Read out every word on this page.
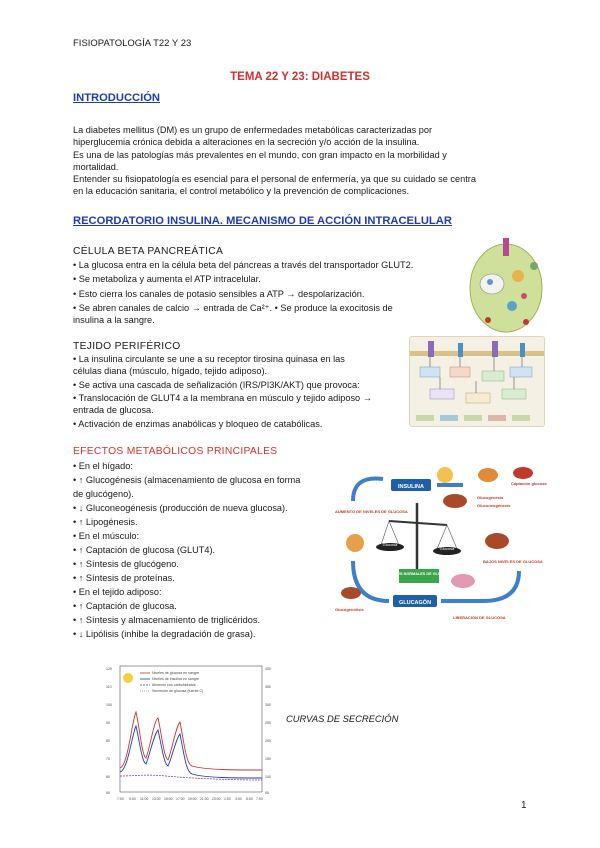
FISIOPATOLOGÍA T22 Y 23
TEMA 22 Y 23: DIABETES
INTRODUCCIÓN

La diabetes mellitus (DM) es un grupo de enfermedades metabólicas caracterizadas por

hiperglucemia crónica debida a alteraciones en la secreción y/o acción de la insulina.

Es una de las patologías más prevalentes en el mundo, con gran impacto en la morbilidad y

mortalidad.

Entender su fisiopatología es esencial para el personal de enfermería, ya que su cuidado se centra

en la educación sanitaria, el control metabólico y la prevención de complicaciones.

RECORDATORIO INSULINA. MECANISMO DE ACCIÓN INTRACELULAR
CÉLULA BETA PANCREÁTICA

• La glucosa entra en la célula beta del páncreas a través del transportador GLUT2.

• Se metaboliza y aumenta el ATP intracelular.

• Esto cierra los canales de potasio sensibles a ATP → despolarización.

• Se abren canales de calcio → entrada de Ca²⁺. • Se produce la exocitosis de

insulina a la sangre.

TEJIDO PERIFÉRICO

• La insulina circulante se une a su receptor tirosina quinasa en las

células diana (músculo, hígado, tejido adiposo).

• Se activa una cascada de señalización (IRS/PI3K/AKT) que provoca:

• Translocación de GLUT4 a la membrana en músculo y tejido adiposo →

entrada de glucosa.

• Activación de enzimas anabólicas y bloqueo de catabólicas.

EFECTOS METABÓLICOS PRINCIPALES

• En el hígado:

• ↑ Glucogénesis (almacenamiento de glucosa en forma

de glucógeno).

• ↓ Gluconeogénesis (producción de nueva glucosa).

• ↑ Lipogénesis.

• En el músculo:

• ↑ Captación de glucosa (GLUT4).

• ↑ Síntesis de glucógeno.

• ↑ Síntesis de proteínas.

• En el tejido adiposo:

• ↑ Captación de glucosa.

• ↑ Síntesis y almacenamiento de triglicéridos.

• ↓ Lipólisis (inhibe la degradación de grasa).

INSULINA
GLUCAGÓN
Captación glucosa
Glucogénesis
Gluconeogénesis
AUMENTO DE NIVELES DE GLUCOSA
Glucosa
Glucosa
NIVELES NORMALES DE GLUCOSA
BAJOS NIVELES DE GLUCOSA
Glucogenólisis
LIBERACIÓN DE GLUCOSA
Niveles de glucosa en sangre
Niveles de insulina en sangre
Alimento con carbohidratos
Secreción de glucosa (fuente C)
120
110
100
90
80
70
60
50
400
350
300
250
200
150
100
50
7:00 9:00 11:00 13:00 15:00 17:00 19:00 21:00 23:00 1:00 3:00 5:00 7:00
CURVAS DE SECRECIÓN
1
